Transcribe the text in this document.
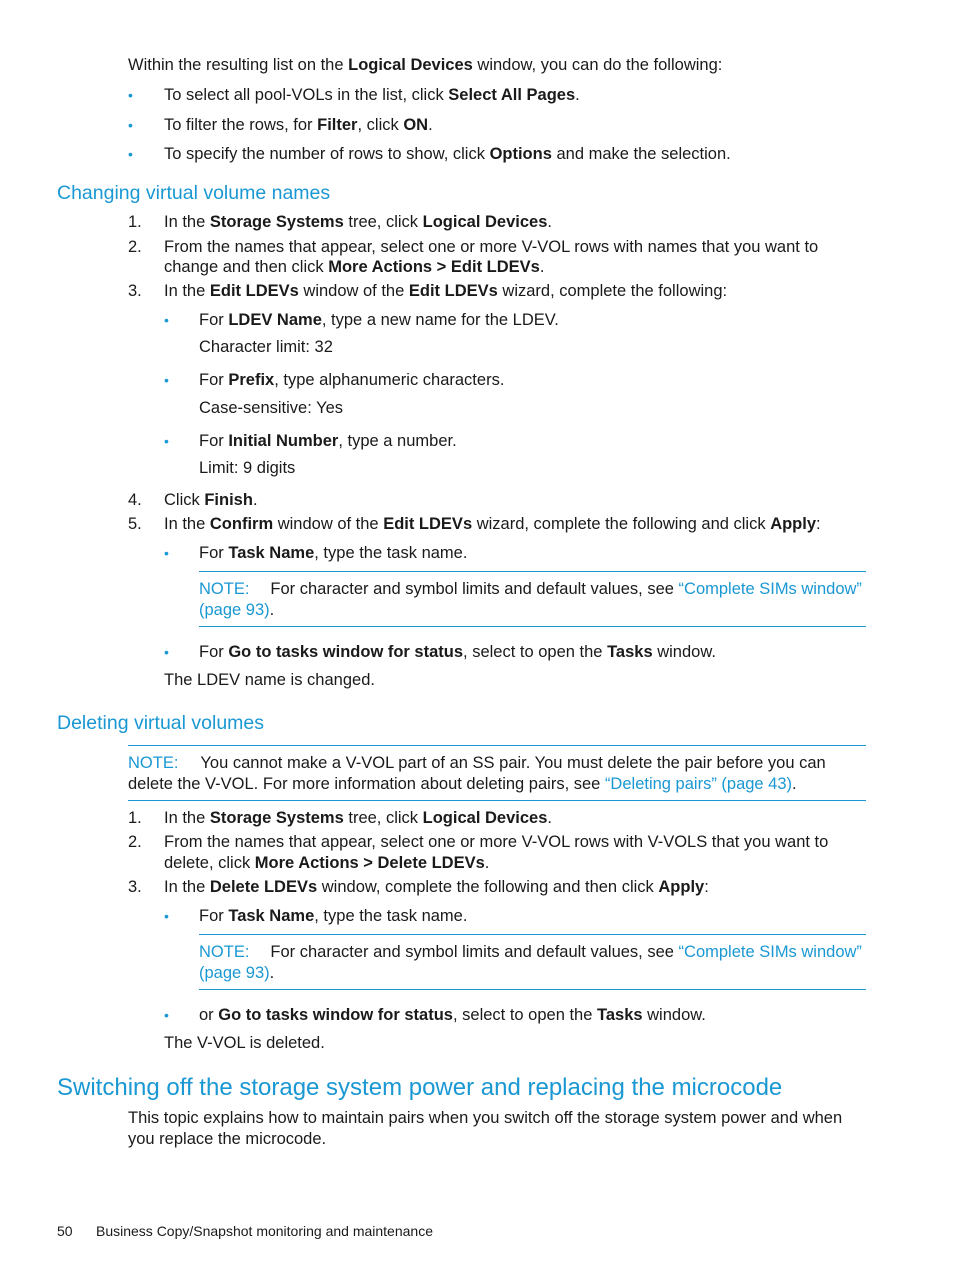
Within the resulting list on the Logical Devices window, you can do the following:
• To select all pool-VOLs in the list, click Select All Pages.
• To filter the rows, for Filter, click ON.
• To specify the number of rows to show, click Options and make the selection.
Changing virtual volume names
1. In the Storage Systems tree, click Logical Devices.
2. From the names that appear, select one or more V-VOL rows with names that you want to
change and then click More Actions > Edit LDEVs.
3. In the Edit LDEVs window of the Edit LDEVs wizard, complete the following:
• For LDEV Name, type a new name for the LDEV.
Character limit: 32
• For Prefix, type alphanumeric characters.
Case-sensitive: Yes
• For Initial Number, type a number.
Limit: 9 digits
4. Click Finish.
5. In the Confirm window of the Edit LDEVs wizard, complete the following and click Apply:
• For Task Name, type the task name.
NOTE: For character and symbol limits and default values, see “Complete SIMs window”
(page 93).
• For Go to tasks window for status, select to open the Tasks window.
The LDEV name is changed.
Deleting virtual volumes
NOTE: You cannot make a V-VOL part of an SS pair. You must delete the pair before you can
delete the V-VOL. For more information about deleting pairs, see “Deleting pairs” (page 43).
1. In the Storage Systems tree, click Logical Devices.
2. From the names that appear, select one or more V-VOL rows with V-VOLS that you want to
delete, click More Actions > Delete LDEVs.
3. In the Delete LDEVs window, complete the following and then click Apply:
• For Task Name, type the task name.
NOTE: For character and symbol limits and default values, see “Complete SIMs window”
(page 93).
• or Go to tasks window for status, select to open the Tasks window.
The V-VOL is deleted.
Switching off the storage system power and replacing the microcode
This topic explains how to maintain pairs when you switch off the storage system power and when
you replace the microcode.
50 Business Copy/Snapshot monitoring and maintenance
